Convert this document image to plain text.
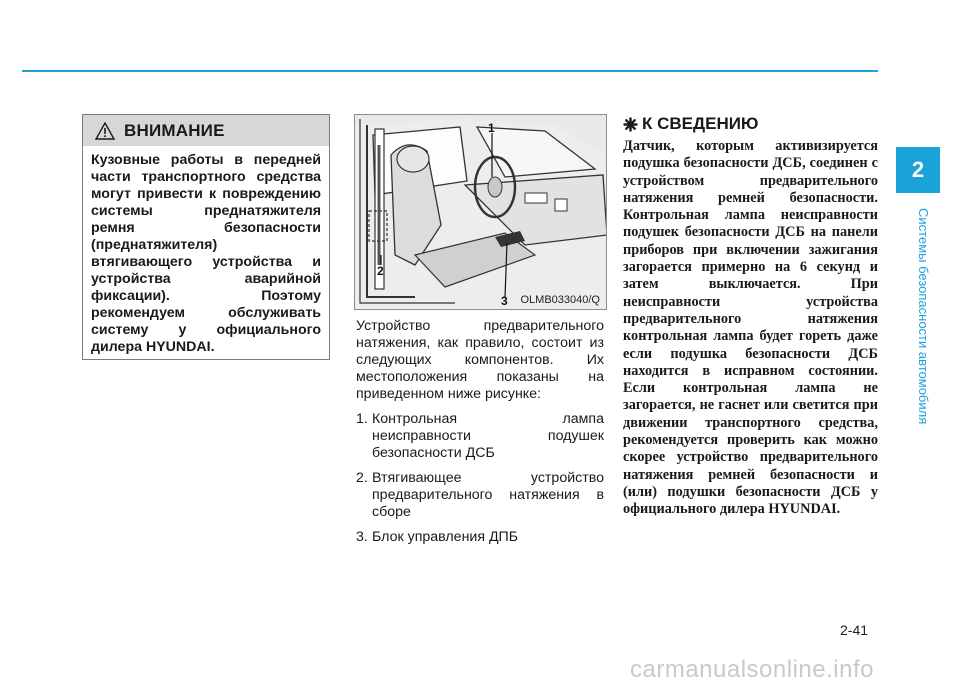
ВНИМАНИЕ

Кузовные работы в передней части транспортного средства могут привести к повреждению системы преднатяжителя ремня безопасности (преднатяжителя) втягивающего устройства и устройства аварийной фиксации). Поэтому рекомендуем обслуживать систему у официального дилера HYUNDAI.

1
2
3 OLMB033040/Q

Устройство предварительного натяжения, как правило, состоит из следующих компонентов. Их местоположения показаны на приведенном ниже рисунке:

1. Контрольная лампа неисправности подушек безопасности ДСБ
2. Втягивающее устройство предварительного натяжения в сборе
3. Блок управления ДПБ
К СВЕДЕНИЮ

Датчик, которым активизируется подушка безопасности ДСБ, соединен с устройством предварительного натяжения ремней безопасности. Контрольная лампа неисправности подушек безопасности ДСБ на панели приборов при включении зажигания загорается примерно на 6 секунд и затем выключается. При неисправности устройства предварительного натяжения контрольная лампа будет гореть даже если подушка безопасности ДСБ находится в исправном состоянии. Если контрольная лампа не загорается, не гаснет или светится при движении транспортного средства, рекомендуется проверить как можно скорее устройство предварительного натяжения ремней безопасности и (или) подушки безопасности ДСБ у официального дилера HYUNDAI.

2
Системы безопасности автомобиля
2-41
carmanualsonline.info
